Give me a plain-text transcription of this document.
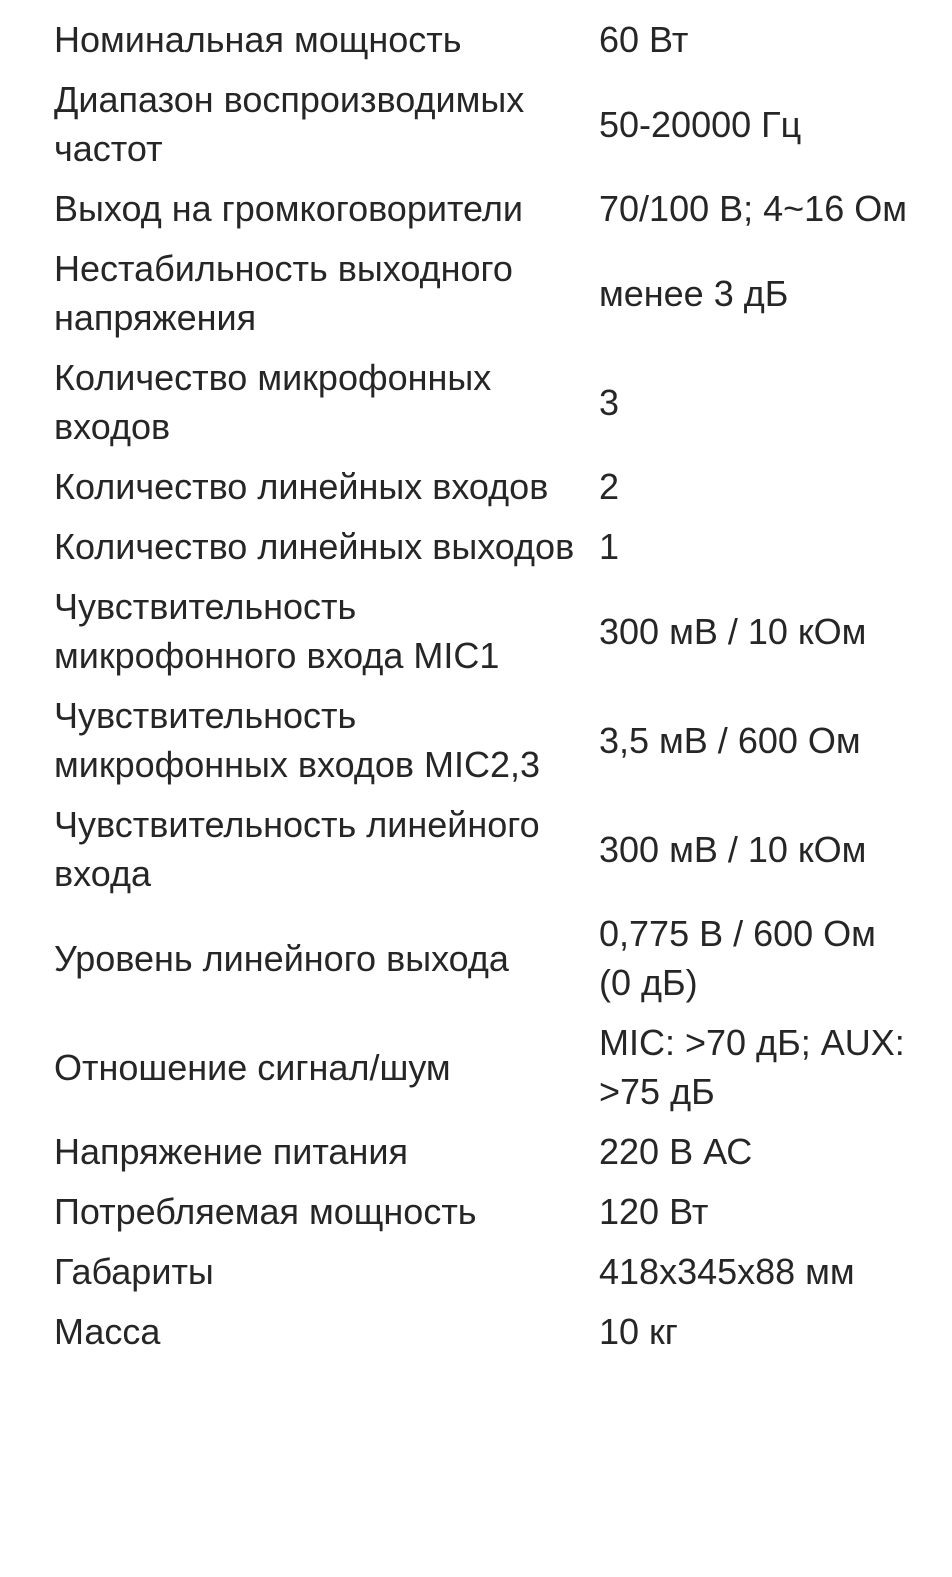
Номинальная мощность	60 Вт
Диапазон воспроизводимых частот	50-20000 Гц
Выход на громкоговорители	70/100 В; 4~16 Ом
Нестабильность выходного напряжения	менее 3 дБ
Количество микрофонных входов	3
Количество линейных входов	2
Количество линейных выходов	1
Чувствительность микрофонного входа MIC1	300 мВ / 10 кОм
Чувствительность микрофонных входов MIC2,3	3,5 мВ / 600 Ом
Чувствительность линейного входа	300 мВ / 10 кОм
Уровень линейного выхода	0,775 В / 600 Ом (0 дБ)
Отношение сигнал/шум	MIC: >70 дБ; AUX: >75 дБ
Напряжение питания	220 В АС
Потребляемая мощность	120 Вт
Габариты	418x345x88 мм
Масса	10 кг
